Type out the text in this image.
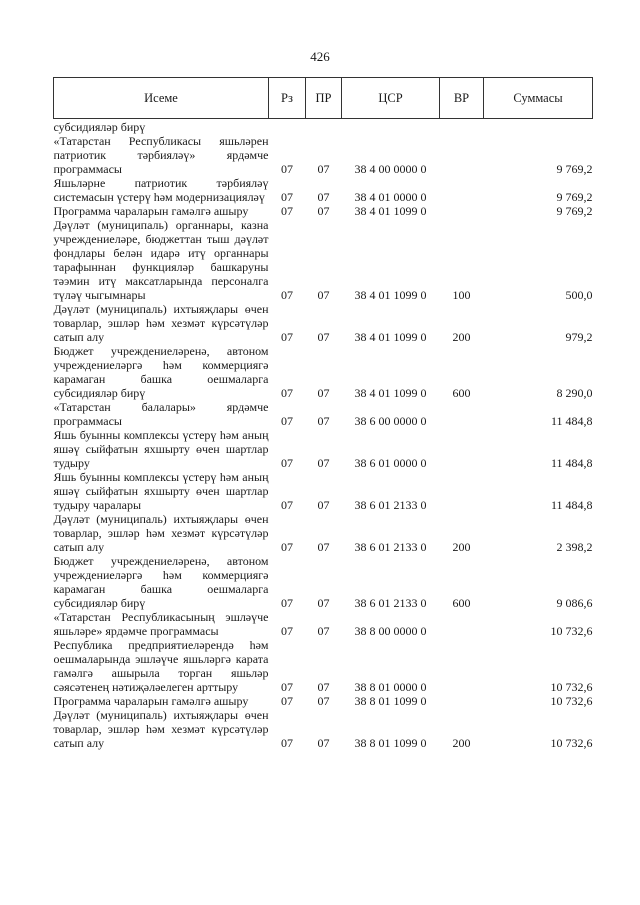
426
Исеме	Рз	ПР	ЦСР	ВР	Суммасы
субсидияләр бирү					
«Татарстан Республикасы яшьләрен патриотик тәрбияләү» ярдәмче программасы	07	07	38 4 00 0000 0		9 769,2
Яшьләрне патриотик тәрбияләү системасын үстерү һәм модернизацияләү	07	07	38 4 01 0000 0		9 769,2
Программа чараларын гамәлгә ашыру	07	07	38 4 01 1099 0		9 769,2
Дәүләт (муниципаль) органнары, казна учреждениеләре, бюджеттан тыш дәүләт фондлары белән идарә итү органнары тарафыннан функцияләр башкаруны тәэмин итү максатларында персоналга түләү чыгымнары	07	07	38 4 01 1099 0	100	500,0
Дәүләт (муниципаль) ихтыяҗлары өчен товарлар, эшләр һәм хезмәт күрсәтүләр сатып алу	07	07	38 4 01 1099 0	200	979,2
Бюджет учреждениеләренә, автоном учреждениеләргә һәм коммерциягә карамаган башка оешмаларга субсидияләр бирү	07	07	38 4 01 1099 0	600	8 290,0
«Татарстан балалары» ярдәмче программасы	07	07	38 6 00 0000 0		11 484,8
Яшь буынны комплексы үстерү һәм аның яшәү сыйфатын яхшырту өчен шартлар тудыру	07	07	38 6 01 0000 0		11 484,8
Яшь буынны комплексы үстерү һәм аның яшәү сыйфатын яхшырту өчен шартлар тудыру чаралары	07	07	38 6 01 2133 0		11 484,8
Дәүләт (муниципаль) ихтыяҗлары өчен товарлар, эшләр һәм хезмәт күрсәтүләр сатып алу	07	07	38 6 01 2133 0	200	2 398,2
Бюджет учреждениеләренә, автоном учреждениеләргә һәм коммерциягә карамаган башка оешмаларга субсидияләр бирү	07	07	38 6 01 2133 0	600	9 086,6
«Татарстан Республикасының эшләүче яшьләре» ярдәмче программасы	07	07	38 8 00 0000 0		10 732,6
Республика предприятиеләрендә һәм оешмаларында эшләүче яшьләргә карата гамәлгә ашырыла торган яшьләр сәясәтенең нәтиҗәләелеген арттыру	07	07	38 8 01 0000 0		10 732,6
Программа чараларын гамәлгә ашыру	07	07	38 8 01 1099 0		10 732,6
Дәүләт (муниципаль) ихтыяҗлары өчен товарлар, эшләр һәм хезмәт күрсәтүләр сатып алу	07	07	38 8 01 1099 0	200	10 732,6
